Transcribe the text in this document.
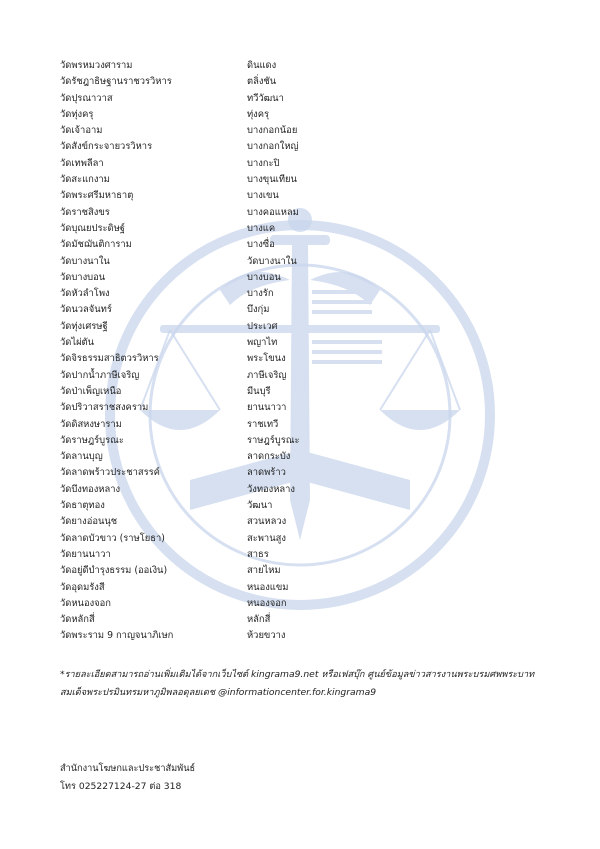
วัดพรหมวงศาราม	ดินแดง
วัดรัชฎาธิษฐานราชวรวิหาร	ตลิ่งชัน
วัดปุรณาวาส	ทวีวัฒนา
วัดทุ่งครุ	ทุ่งครุ
วัดเจ้าอาม	บางกอกน้อย
วัดสังข์กระจายวรวิหาร	บางกอกใหญ่
วัดเทพลีลา	บางกะปิ
วัดสะแกงาม	บางขุนเทียน
วัดพระศรีมหาธาตุ	บางเขน
วัดราชสิงขร	บางคอแหลม
วัดบุณยประดิษฐ์	บางแค
วัดมัชฌันติการาม	บางซื่อ
วัดบางนาใน	วัดบางนาใน
วัดบางบอน	บางบอน
วัดหัวลำโพง	บางรัก
วัดนวลจันทร์	บึงกุ่ม
วัดทุ่งเศรษฐี	ประเวศ
วัดไผ่ตัน	พญาไท
วัดจิรธรรมสาธิตวรวิหาร	พระโขนง
วัดปากน้ำภาษีเจริญ	ภาษีเจริญ
วัดป่าเพ็ญเหนือ	มีนบุรี
วัดปริวาสราชสงคราม	ยานนาวา
วัดดิสหงษาราม	ราชเทวี
วัดราษฎร์บูรณะ	ราษฎร์บูรณะ
วัดลานบุญ	ลาดกระบัง
วัดลาดพร้าวประชาสรรค์	ลาดพร้าว
วัดบึงทองหลาง	วังทองหลาง
วัดธาตุทอง	วัฒนา
วัดยางอ่อนนุช	สวนหลวง
วัดลาดบัวขาว (ราษโยธา)	สะพานสูง
วัดยานนาวา	สาธร
วัดอยู่ดีบำรุงธรรม (ออเงิน)	สายไหม
วัดอุดมรังสี	หนองแขม
วัดหนองจอก	หนองจอก
วัดหลักสี่	หลักสี่
วัดพระราม 9 กาญจนาภิเษก	ห้วยขวาง
*รายละเอียดสามารถอ่านเพิ่มเติมได้จากเว็บไซต์ kingrama9.net หรือเฟสบุ๊ก ศูนย์ข้อมูลข่าวสารงานพระบรมศพพระบาทสมเด็จพระปรมินทรมหาภูมิพลอดุลยเดช @informationcenter.for.kingrama9
สำนักงานโฆษกและประชาสัมพันธ์
โทร 025227124-27 ต่อ 318
